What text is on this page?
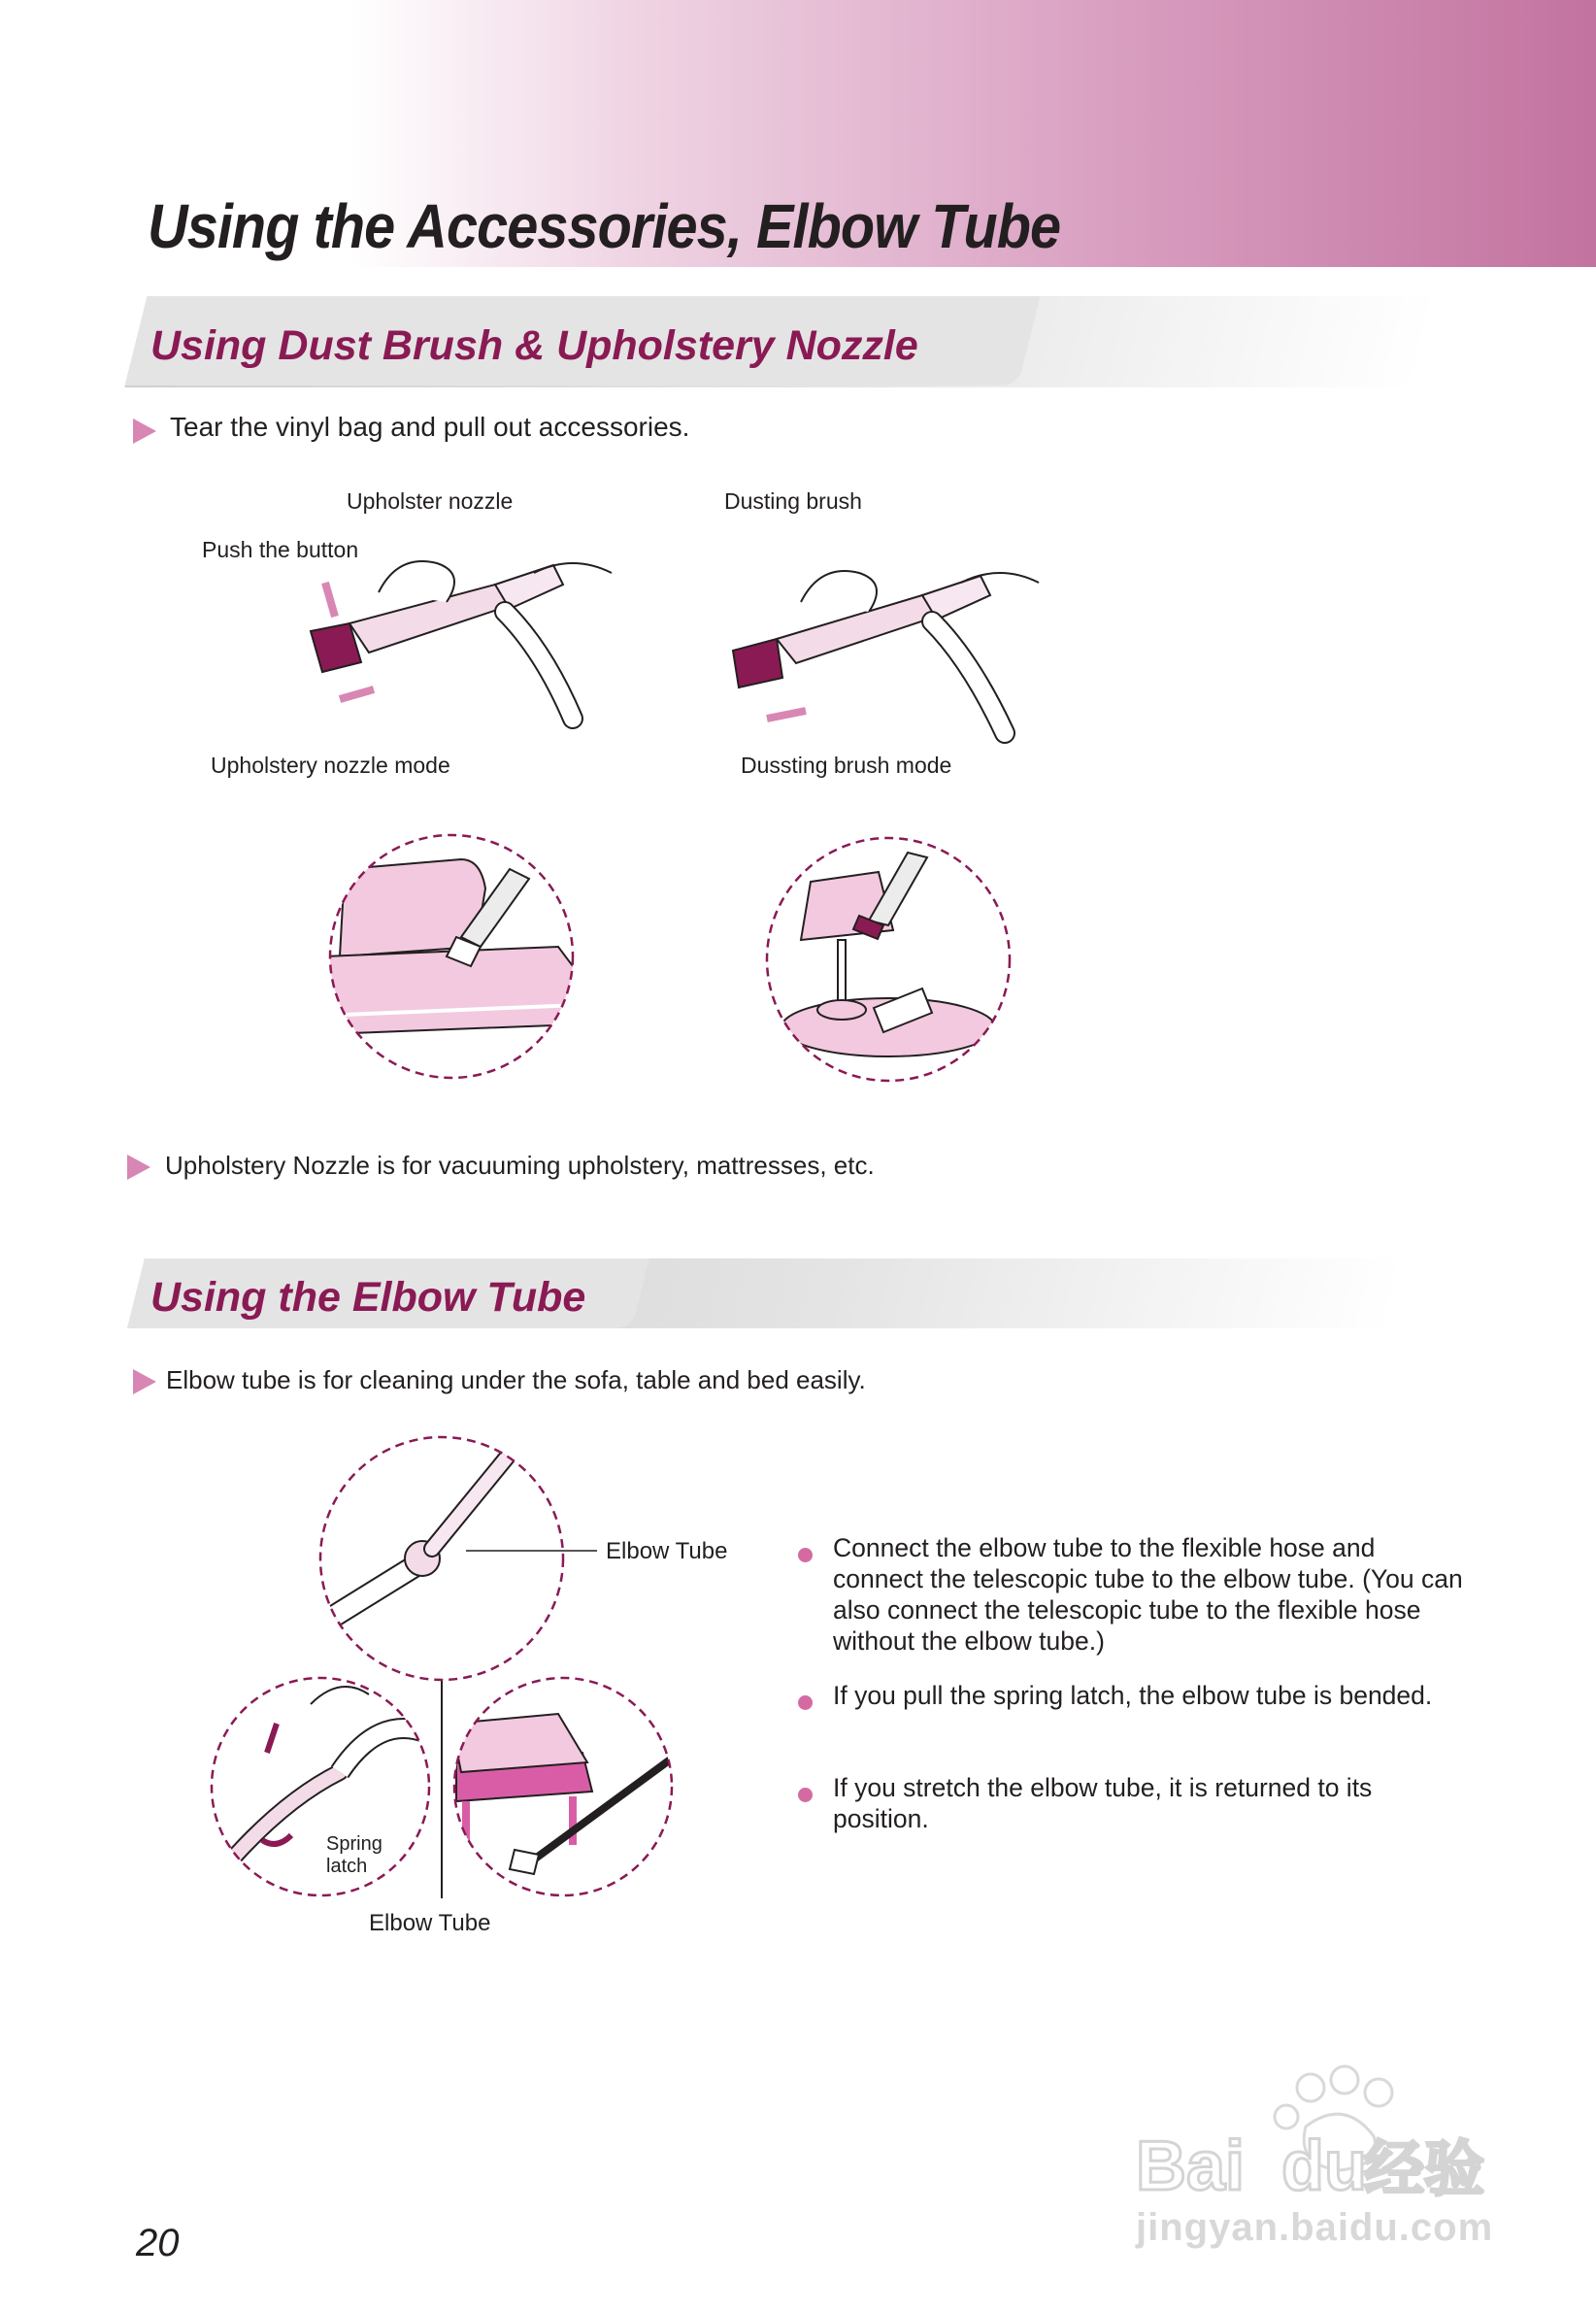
Using the Accessories, Elbow Tube
Using Dust Brush & Upholstery Nozzle
Tear the vinyl bag and pull out accessories.
Upholster nozzle	Dusting brush
Push the button
Upholstery nozzle mode	Dussting brush mode
Upholstery Nozzle is for vacuuming upholstery, mattresses, etc.
Using the Elbow Tube
Elbow tube is for cleaning under the sofa, table and bed easily.
Elbow Tube
Spring
latch
Elbow Tube
Connect the elbow tube to the flexible hose and connect the telescopic tube to the elbow tube. (You can also connect the telescopic tube to the flexible hose without the elbow tube.)
If you pull the spring latch, the elbow tube is bended.
If you stretch the elbow tube, it is returned to its position.
Bai du
经验
jingyan.baidu.com
20
